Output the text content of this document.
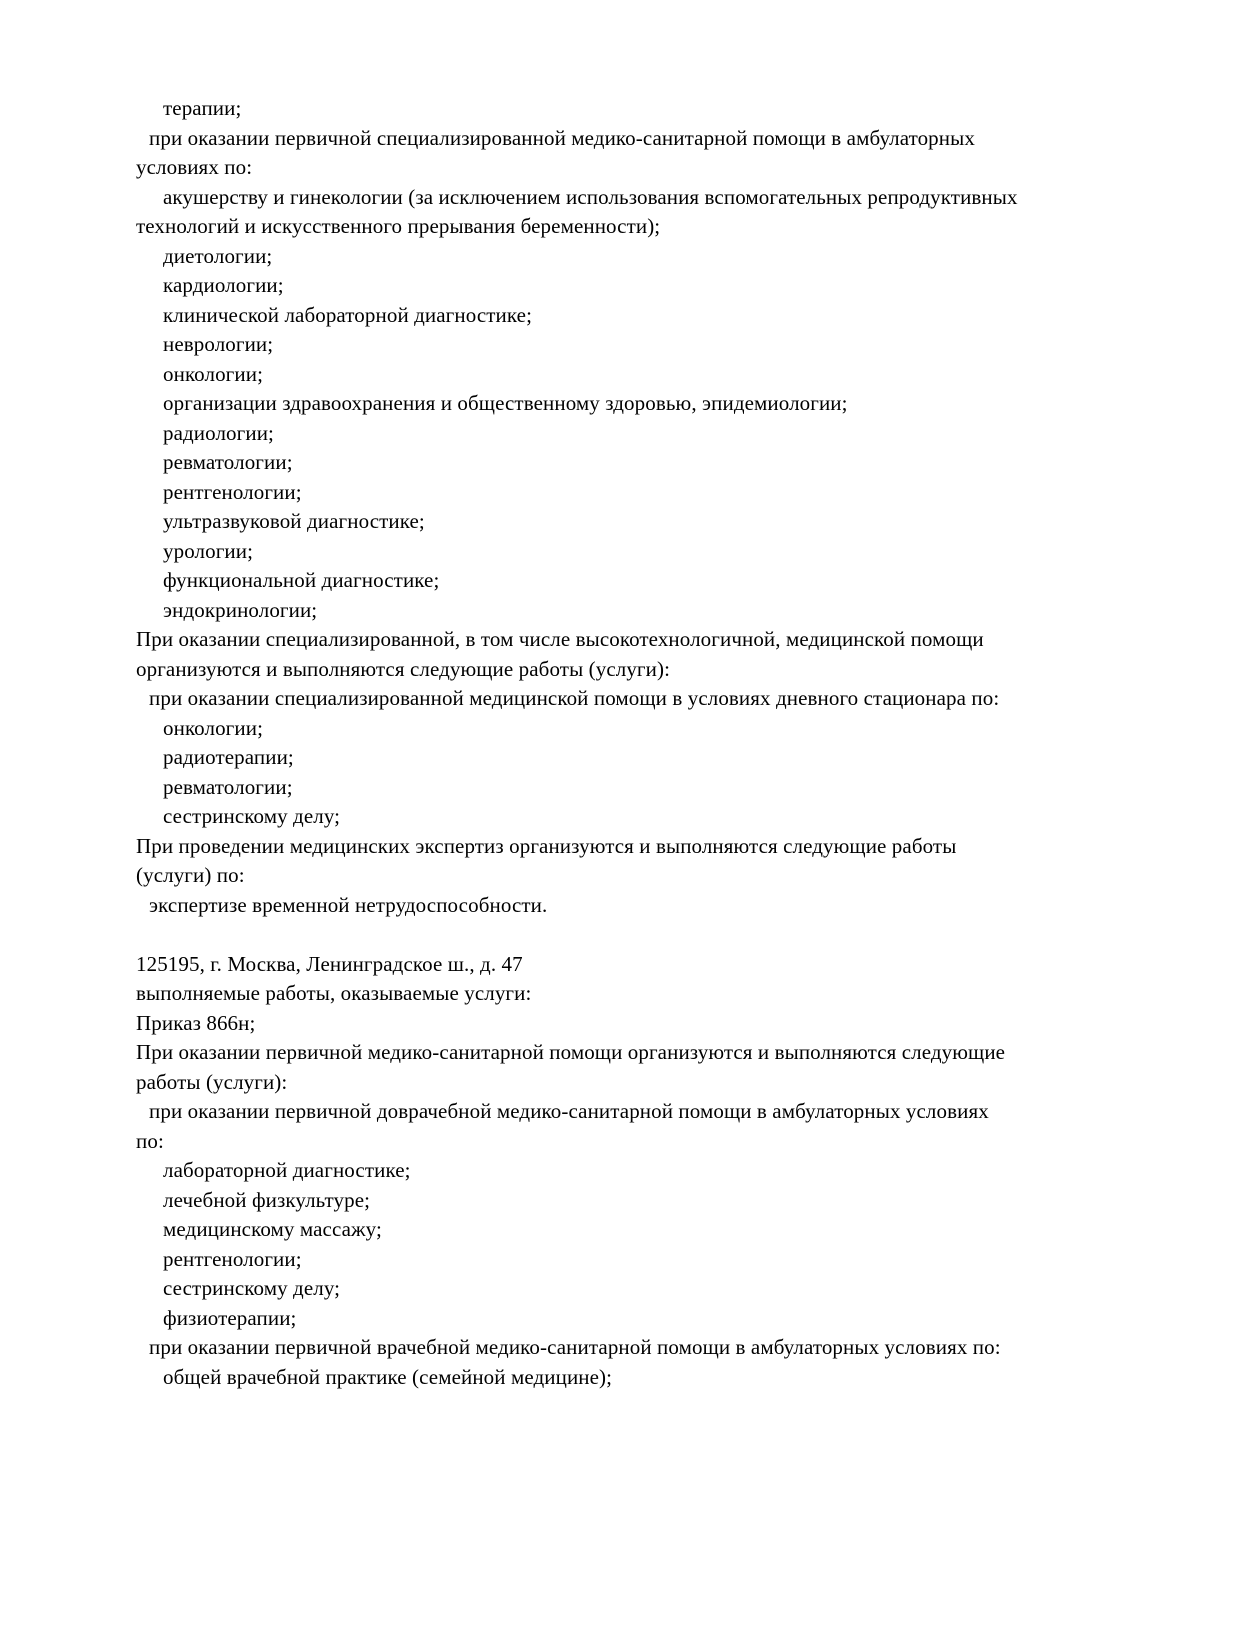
терапии;
при оказании первичной специализированной медико-санитарной помощи в амбулаторных
условиях по:
акушерству и гинекологии (за исключением использования вспомогательных репродуктивных
технологий и искусственного прерывания беременности);
диетологии;
кардиологии;
клинической лабораторной диагностике;
неврологии;
онкологии;
организации здравоохранения и общественному здоровью, эпидемиологии;
радиологии;
ревматологии;
рентгенологии;
ультразвуковой диагностике;
урологии;
функциональной диагностике;
эндокринологии;
При оказании специализированной, в том числе высокотехнологичной, медицинской помощи
организуются и выполняются следующие работы (услуги):
при оказании специализированной медицинской помощи в условиях дневного стационара по:
онкологии;
радиотерапии;
ревматологии;
сестринскому делу;
При проведении медицинских экспертиз организуются и выполняются следующие работы
(услуги) по:
экспертизе временной нетрудоспособности.

125195, г. Москва, Ленинградское ш., д. 47
выполняемые работы, оказываемые услуги:
Приказ 866н;
При оказании первичной медико-санитарной помощи организуются и выполняются следующие
работы (услуги):
при оказании первичной доврачебной медико-санитарной помощи в амбулаторных условиях
по:
лабораторной диагностике;
лечебной физкультуре;
медицинскому массажу;
рентгенологии;
сестринскому делу;
физиотерапии;
при оказании первичной врачебной медико-санитарной помощи в амбулаторных условиях по:
общей врачебной практике (семейной медицине);
